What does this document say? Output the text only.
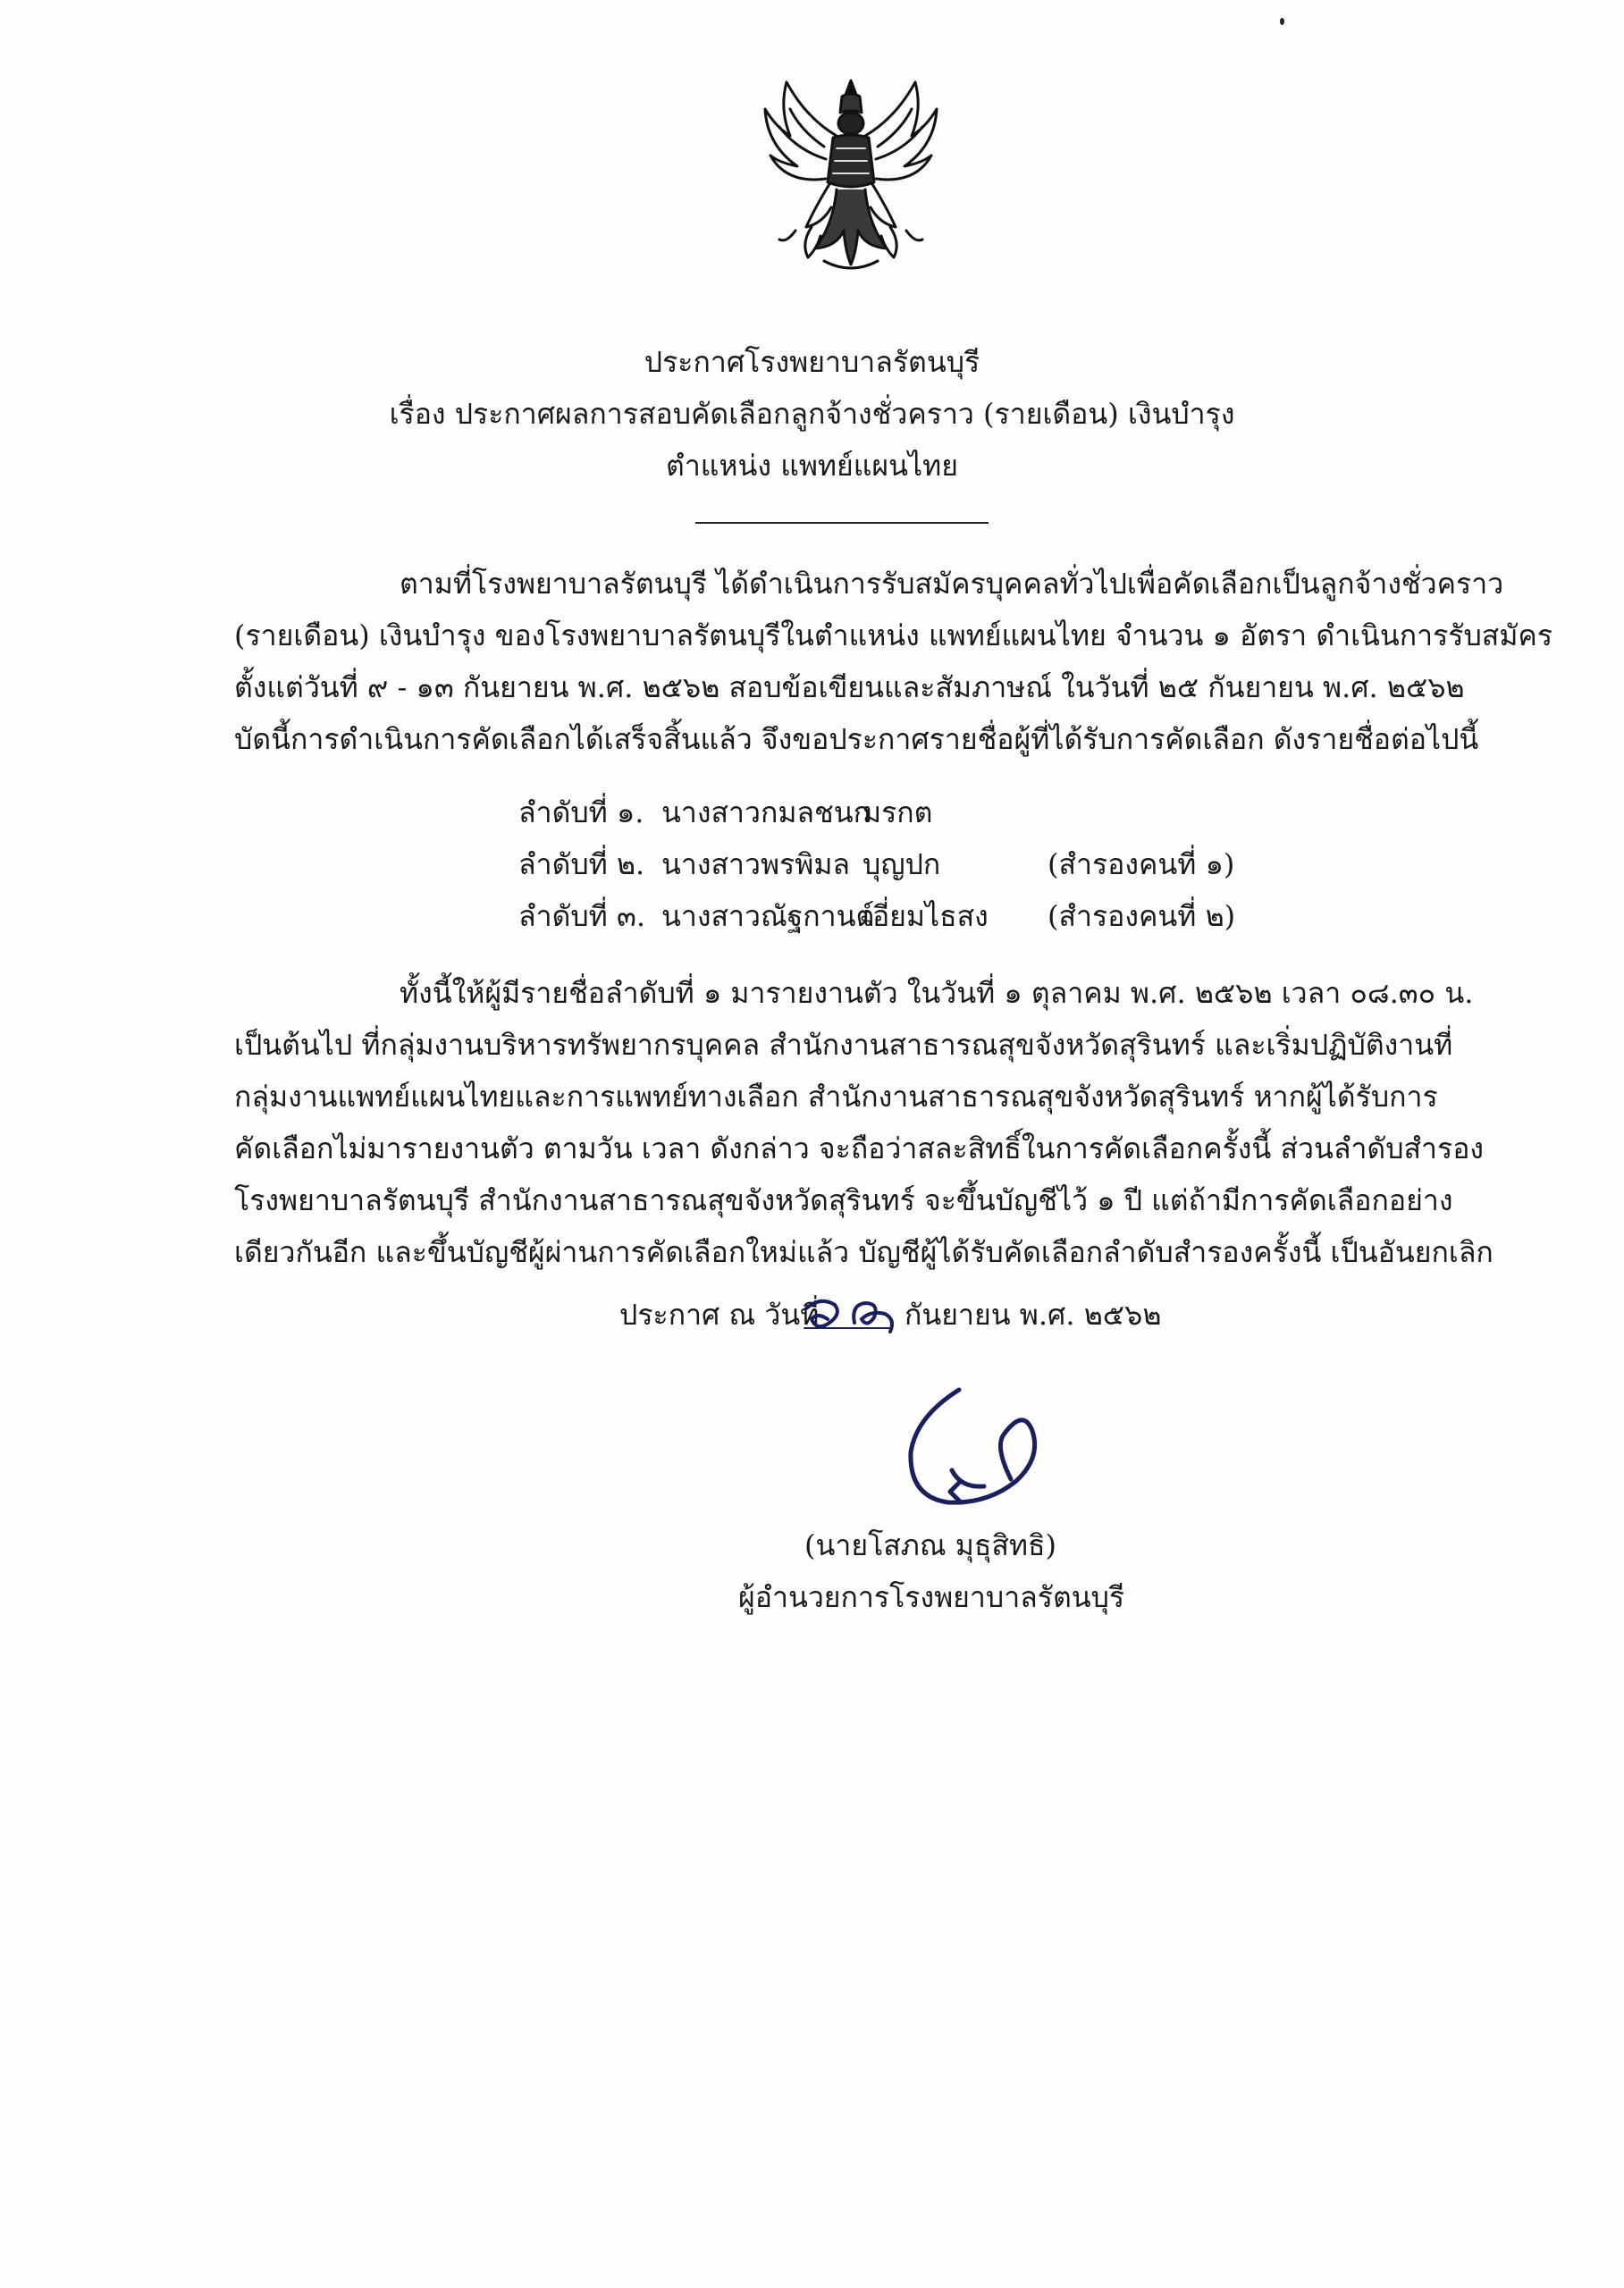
ประกาศโรงพยาบาลรัตนบุรี
เรื่อง ประกาศผลการสอบคัดเลือกลูกจ้างชั่วคราว (รายเดือน) เงินบำรุง
ตำแหน่ง แพทย์แผนไทย
ตามที่โรงพยาบาลรัตนบุรี ได้ดำเนินการรับสมัครบุคคลทั่วไปเพื่อคัดเลือกเป็นลูกจ้างชั่วคราว
(รายเดือน) เงินบำรุง ของโรงพยาบาลรัตนบุรีในตำแหน่ง แพทย์แผนไทย จำนวน ๑ อัตรา ดำเนินการรับสมัคร
ตั้งแต่วันที่ ๙ - ๑๓ กันยายน พ.ศ. ๒๕๖๒ สอบข้อเขียนและสัมภาษณ์ ในวันที่ ๒๕ กันยายน พ.ศ. ๒๕๖๒
บัดนี้การดำเนินการคัดเลือกได้เสร็จสิ้นแล้ว จึงขอประกาศรายชื่อผู้ที่ได้รับการคัดเลือก ดังรายชื่อต่อไปนี้
ลำดับที่ ๑. นางสาวกมลชนก
มรกต
ลำดับที่ ๒. นางสาวพรพิมล บุญปก	(สำรองคนที่ ๑)
ลำดับที่ ๓. นางสาวณัฐกานต์
เอี่ยมไธสง (สำรองคนที่ ๒)
ทั้งนี้ให้ผู้มีรายชื่อลำดับที่ ๑ มารายงานตัว ในวันที่ ๑ ตุลาคม พ.ศ. ๒๕๖๒ เวลา ๐๘.๓๐ น.
เป็นต้นไป ที่กลุ่มงานบริหารทรัพยากรบุคคล สำนักงานสาธารณสุขจังหวัดสุรินทร์ และเริ่มปฏิบัติงานที่
กลุ่มงานแพทย์แผนไทยและการแพทย์ทางเลือก สำนักงานสาธารณสุขจังหวัดสุรินทร์ หากผู้ได้รับการ
คัดเลือกไม่มารายงานตัว ตามวัน เวลา ดังกล่าว จะถือว่าสละสิทธิ์ในการคัดเลือกครั้งนี้ ส่วนลำดับสำรอง
โรงพยาบาลรัตนบุรี สำนักงานสาธารณสุขจังหวัดสุรินทร์ จะขึ้นบัญชีไว้ ๑ ปี แต่ถ้ามีการคัดเลือกอย่าง
เดียวกันอีก และขึ้นบัญชีผู้ผ่านการคัดเลือกใหม่แล้ว บัญชีผู้ได้รับคัดเลือกลำดับสำรองครั้งนี้ เป็นอันยกเลิก
ประกาศ ณ วันที่	กันยายน พ.ศ. ๒๕๖๒
(นายโสภณ มุธุสิทธิ)
ผู้อำนวยการโรงพยาบาลรัตนบุรี
